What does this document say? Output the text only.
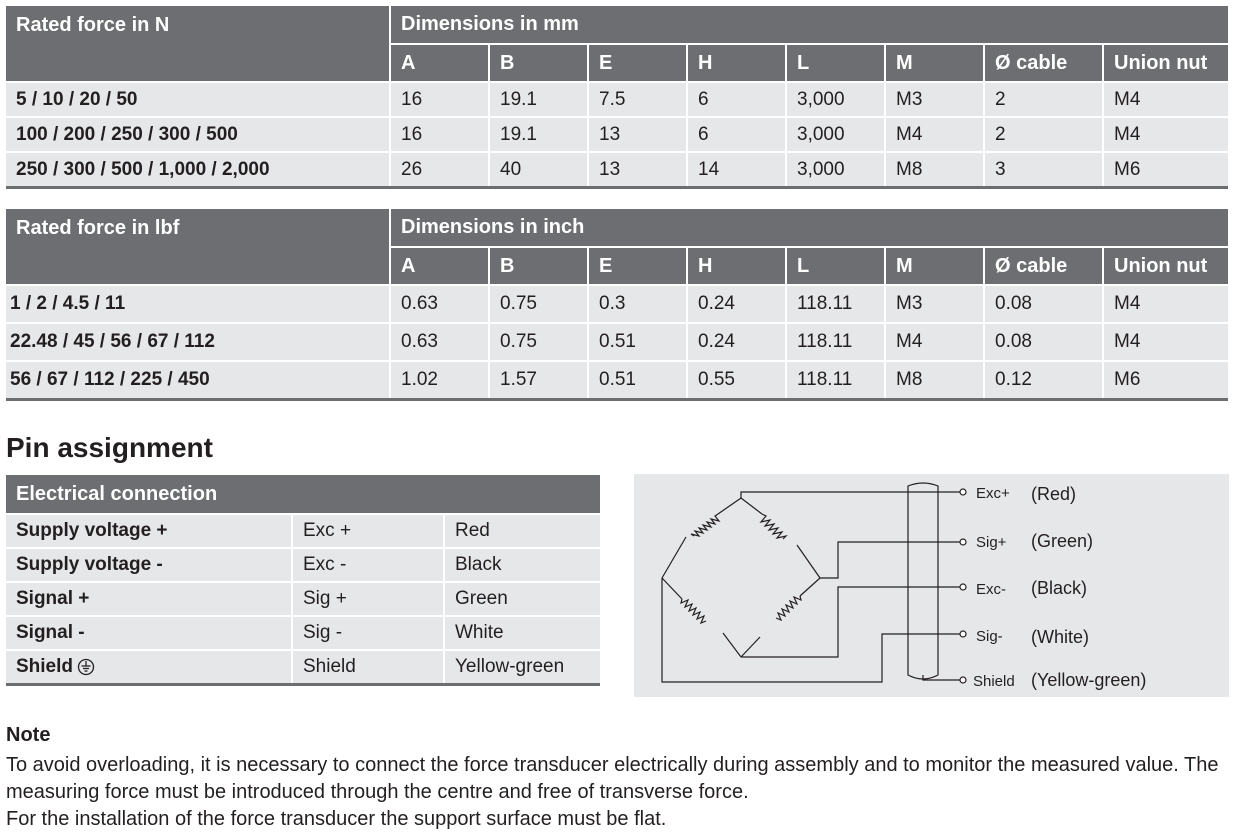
Rated force in N	Dimensions in mm							
	A	B	E	H	L	M	Ø cable	Union nut
5 / 10 / 20 / 50	16	19.1	7.5	6	3,000	M3	2	M4
100 / 200 / 250 / 300 / 500	16	19.1	13	6	3,000	M4	2	M4
250 / 300 / 500 / 1,000 / 2,000	26	40	13	14	3,000	M8	3	M6
Rated force in lbf	Dimensions in inch							
	A	B	E	H	L	M	Ø cable	Union nut
1 / 2 / 4.5 / 11	0.63	0.75	0.3	0.24	118.11	M3	0.08	M4
22.48 / 45 / 56 / 67 / 112	0.63	0.75	0.51	0.24	118.11	M4	0.08	M4
56 / 67 / 112 / 225 / 450	1.02	1.57	0.51	0.55	118.11	M8	0.12	M6
Pin assignment
Electrical connection		
Supply voltage +	Exc +	Red
Supply voltage -	Exc -	Black
Signal +	Sig +	Green
Signal -	Sig -	White
Shield	Shield	Yellow-green
Exc+ (Red)
Sig+ (Green)
Exc- (Black)
Sig- (White)
Shield (Yellow-green)
Note

To avoid overloading, it is necessary to connect the force transducer electrically during assembly and to monitor the measured value. The measuring force must be introduced through the centre and free of transverse force.

For the installation of the force transducer the support surface must be flat.
